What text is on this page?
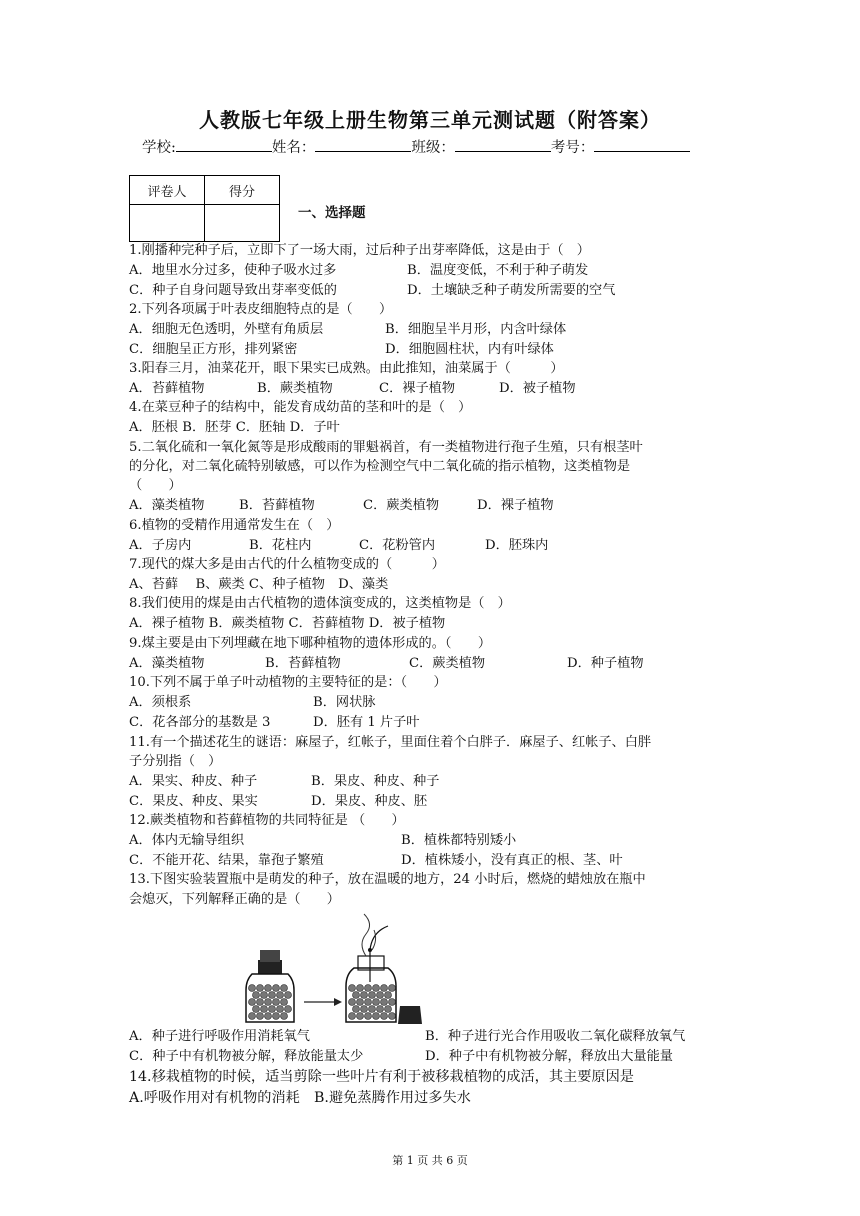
人教版七年级上册生物第三单元测试题（附答案）
学校:	姓名：	班级：	考号：
评卷人	得分

一、选择题
1.刚播种完种子后，立即下了一场大雨，过后种子出芽率降低，这是由于（　）
A．地里水分过多，使种子吸水过多	B．温度变低，不利于种子萌发
C．种子自身问题导致出芽率变低的	D．土壤缺乏种子萌发所需要的空气
2.下列各项属于叶表皮细胞特点的是（　　）
A．细胞无色透明，外壁有角质层	B．细胞呈半月形，内含叶绿体
C．细胞呈正方形，排列紧密	D．细胞圆柱状，内有叶绿体
3.阳春三月，油菜花开，眼下果实已成熟。由此推知，油菜属于（　　　）
A．苔藓植物	B．蕨类植物	C．裸子植物	D．被子植物
4.在菜豆种子的结构中，能发育成幼苗的茎和叶的是（　）
A．胚根 B．胚芽 C．胚轴 D．子叶
5.二氧化硫和一氧化氮等是形成酸雨的罪魁祸首，有一类植物进行孢子生殖，只有根茎叶
的分化，对二氧化硫特别敏感，可以作为检测空气中二氧化硫的指示植物，这类植物是
（　　）
A．藻类植物	B．苔藓植物	C．蕨类植物	D．裸子植物
6.植物的受精作用通常发生在（　）
A．子房内	B．花柱内	C．花粉管内	D．胚珠内
7.现代的煤大多是由古代的什么植物变成的（　　　）
A、苔藓　 B、蕨类 C、种子植物　D、藻类
8.我们使用的煤是由古代植物的遗体演变成的，这类植物是（　）
A．裸子植物 B．蕨类植物 C．苔藓植物 D．被子植物
9.煤主要是由下列埋藏在地下哪种植物的遗体形成的。（　　）
A．藻类植物	B．苔藓植物	C．蕨类植物	D．种子植物
10.下列不属于单子叶动植物的主要特征的是：（　　）
A．须根系	B．网状脉
C．花各部分的基数是 3	D．胚有 1 片子叶
11.有一个描述花生的谜语：麻屋子，红帐子，里面住着个白胖子．麻屋子、红帐子、白胖
子分别指（　）
A．果实、种皮、种子	B．果皮、种皮、种子
C．果皮、种皮、果实	D．果皮、种皮、胚
12.蕨类植物和苔藓植物的共同特征是 （　　）
A．体内无输导组织	B．植株都特别矮小
C．不能开花、结果，靠孢子繁殖	D．植株矮小，没有真正的根、茎、叶
13.下图实验装置瓶中是萌发的种子，放在温暖的地方，24 小时后，燃烧的蜡烛放在瓶中
会熄灭，下列解释正确的是（　　）
A．种子进行呼吸作用消耗氧气	B．种子进行光合作用吸收二氧化碳释放氧气
C．种子中有机物被分解，释放能量太少	D．种子中有机物被分解，释放出大量能量
14.移栽植物的时候，适当剪除一些叶片有利于被移栽植物的成活，其主要原因是
A.呼吸作用对有机物的消耗　B.避免蒸腾作用过多失水
第 1 页 共 6 页
